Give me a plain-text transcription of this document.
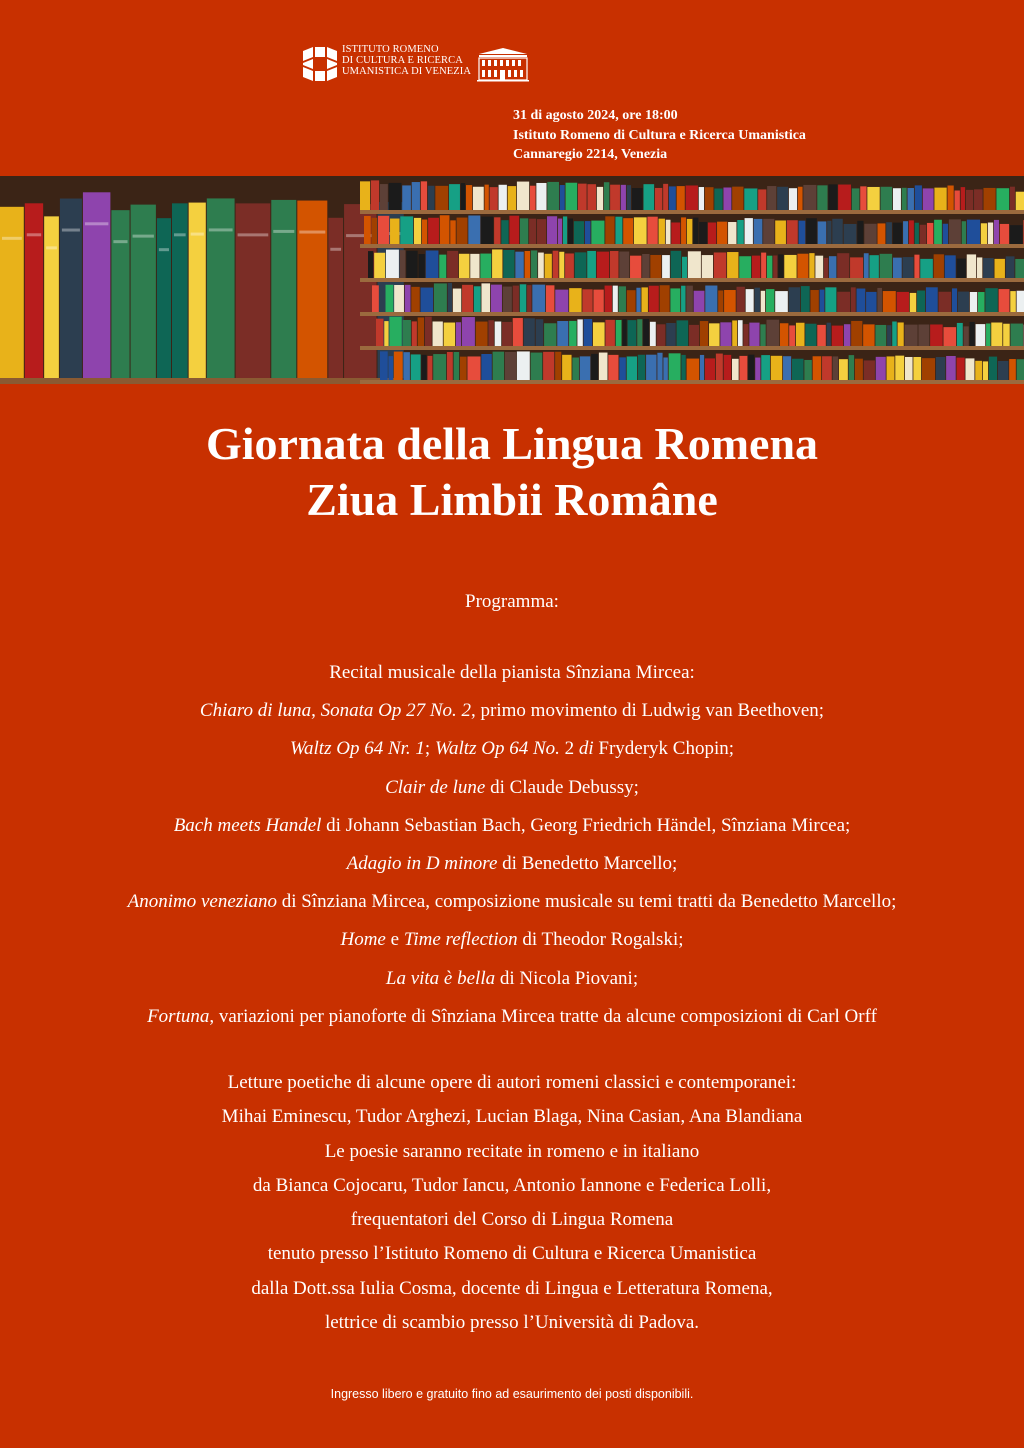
ISTITUTO ROMENO
DI CULTURA E RICERCA
UMANISTICA DI VENEZIA
31 di agosto 2024, ore 18:00
Istituto Romeno di Cultura e Ricerca Umanistica
Cannaregio 2214, Venezia
Giornata della Lingua Romena
Ziua Limbii Române
Programma:
Recital musicale della pianista Sînziana Mircea:
Chiaro di luna, Sonata Op 27 No. 2, primo movimento di Ludwig van Beethoven;
Waltz Op 64 Nr. 1; Waltz Op 64 No. 2 di Fryderyk Chopin;
Clair de lune di Claude Debussy;
Bach meets Handel di Johann Sebastian Bach, Georg Friedrich Händel, Sînziana Mircea;
Adagio in D minore di Benedetto Marcello;
Anonimo veneziano di Sînziana Mircea, composizione musicale su temi tratti da Benedetto Marcello;
Home e Time reflection di Theodor Rogalski;
La vita è bella di Nicola Piovani;
Fortuna, variazioni per pianoforte di Sînziana Mircea tratte da alcune composizioni di Carl Orff
Letture poetiche di alcune opere di autori romeni classici e contemporanei:
Mihai Eminescu, Tudor Arghezi, Lucian Blaga, Nina Casian, Ana Blandiana
Le poesie saranno recitate in romeno e in italiano
da Bianca Cojocaru, Tudor Iancu, Antonio Iannone e Federica Lolli,
frequentatori del Corso di Lingua Romena
tenuto presso l’Istituto Romeno di Cultura e Ricerca Umanistica
dalla Dott.ssa Iulia Cosma, docente di Lingua e Letteratura Romena,
lettrice di scambio presso l’Università di Padova.
Ingresso libero e gratuito fino ad esaurimento dei posti disponibili.
